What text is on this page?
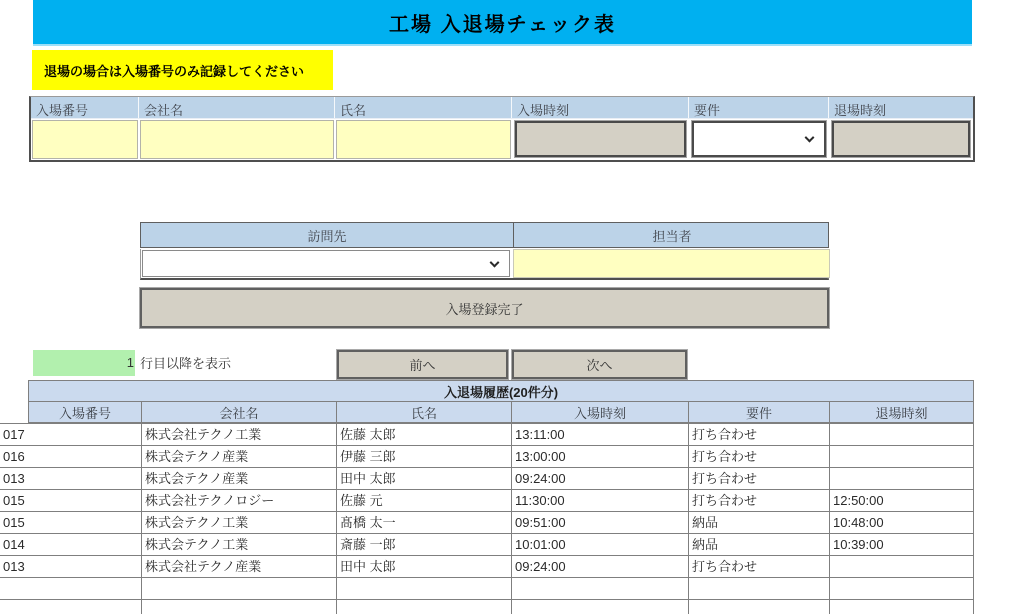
工場 入退場チェック表
退場の場合は入場番号のみ記録してください
入場番号	会社名	氏名	入場時刻	要件	退場時刻
訪問先	担当者
入場登録完了
1
行目以降を表示	前へ	次へ
入退場履歴(20件分)
入場番号	会社名	氏名	入場時刻	要件	退場時刻
017	株式会社テクノ工業	佐藤 太郎	13:11:00	打ち合わせ
016	株式会テクノ産業	伊藤 三郎	13:00:00	打ち合わせ
013	株式会テクノ産業	田中 太郎	09:24:00	打ち合わせ
015	株式会社テクノロジー	佐藤 元	11:30:00	打ち合わせ	12:50:00
015	株式会テクノ工業	髙橋 太一	09:51:00	納品	10:48:00
014	株式会テクノ工業	斎藤 一郎	10:01:00	納品	10:39:00
013	株式会社テクノ産業	田中 太郎	09:24:00	打ち合わせ
